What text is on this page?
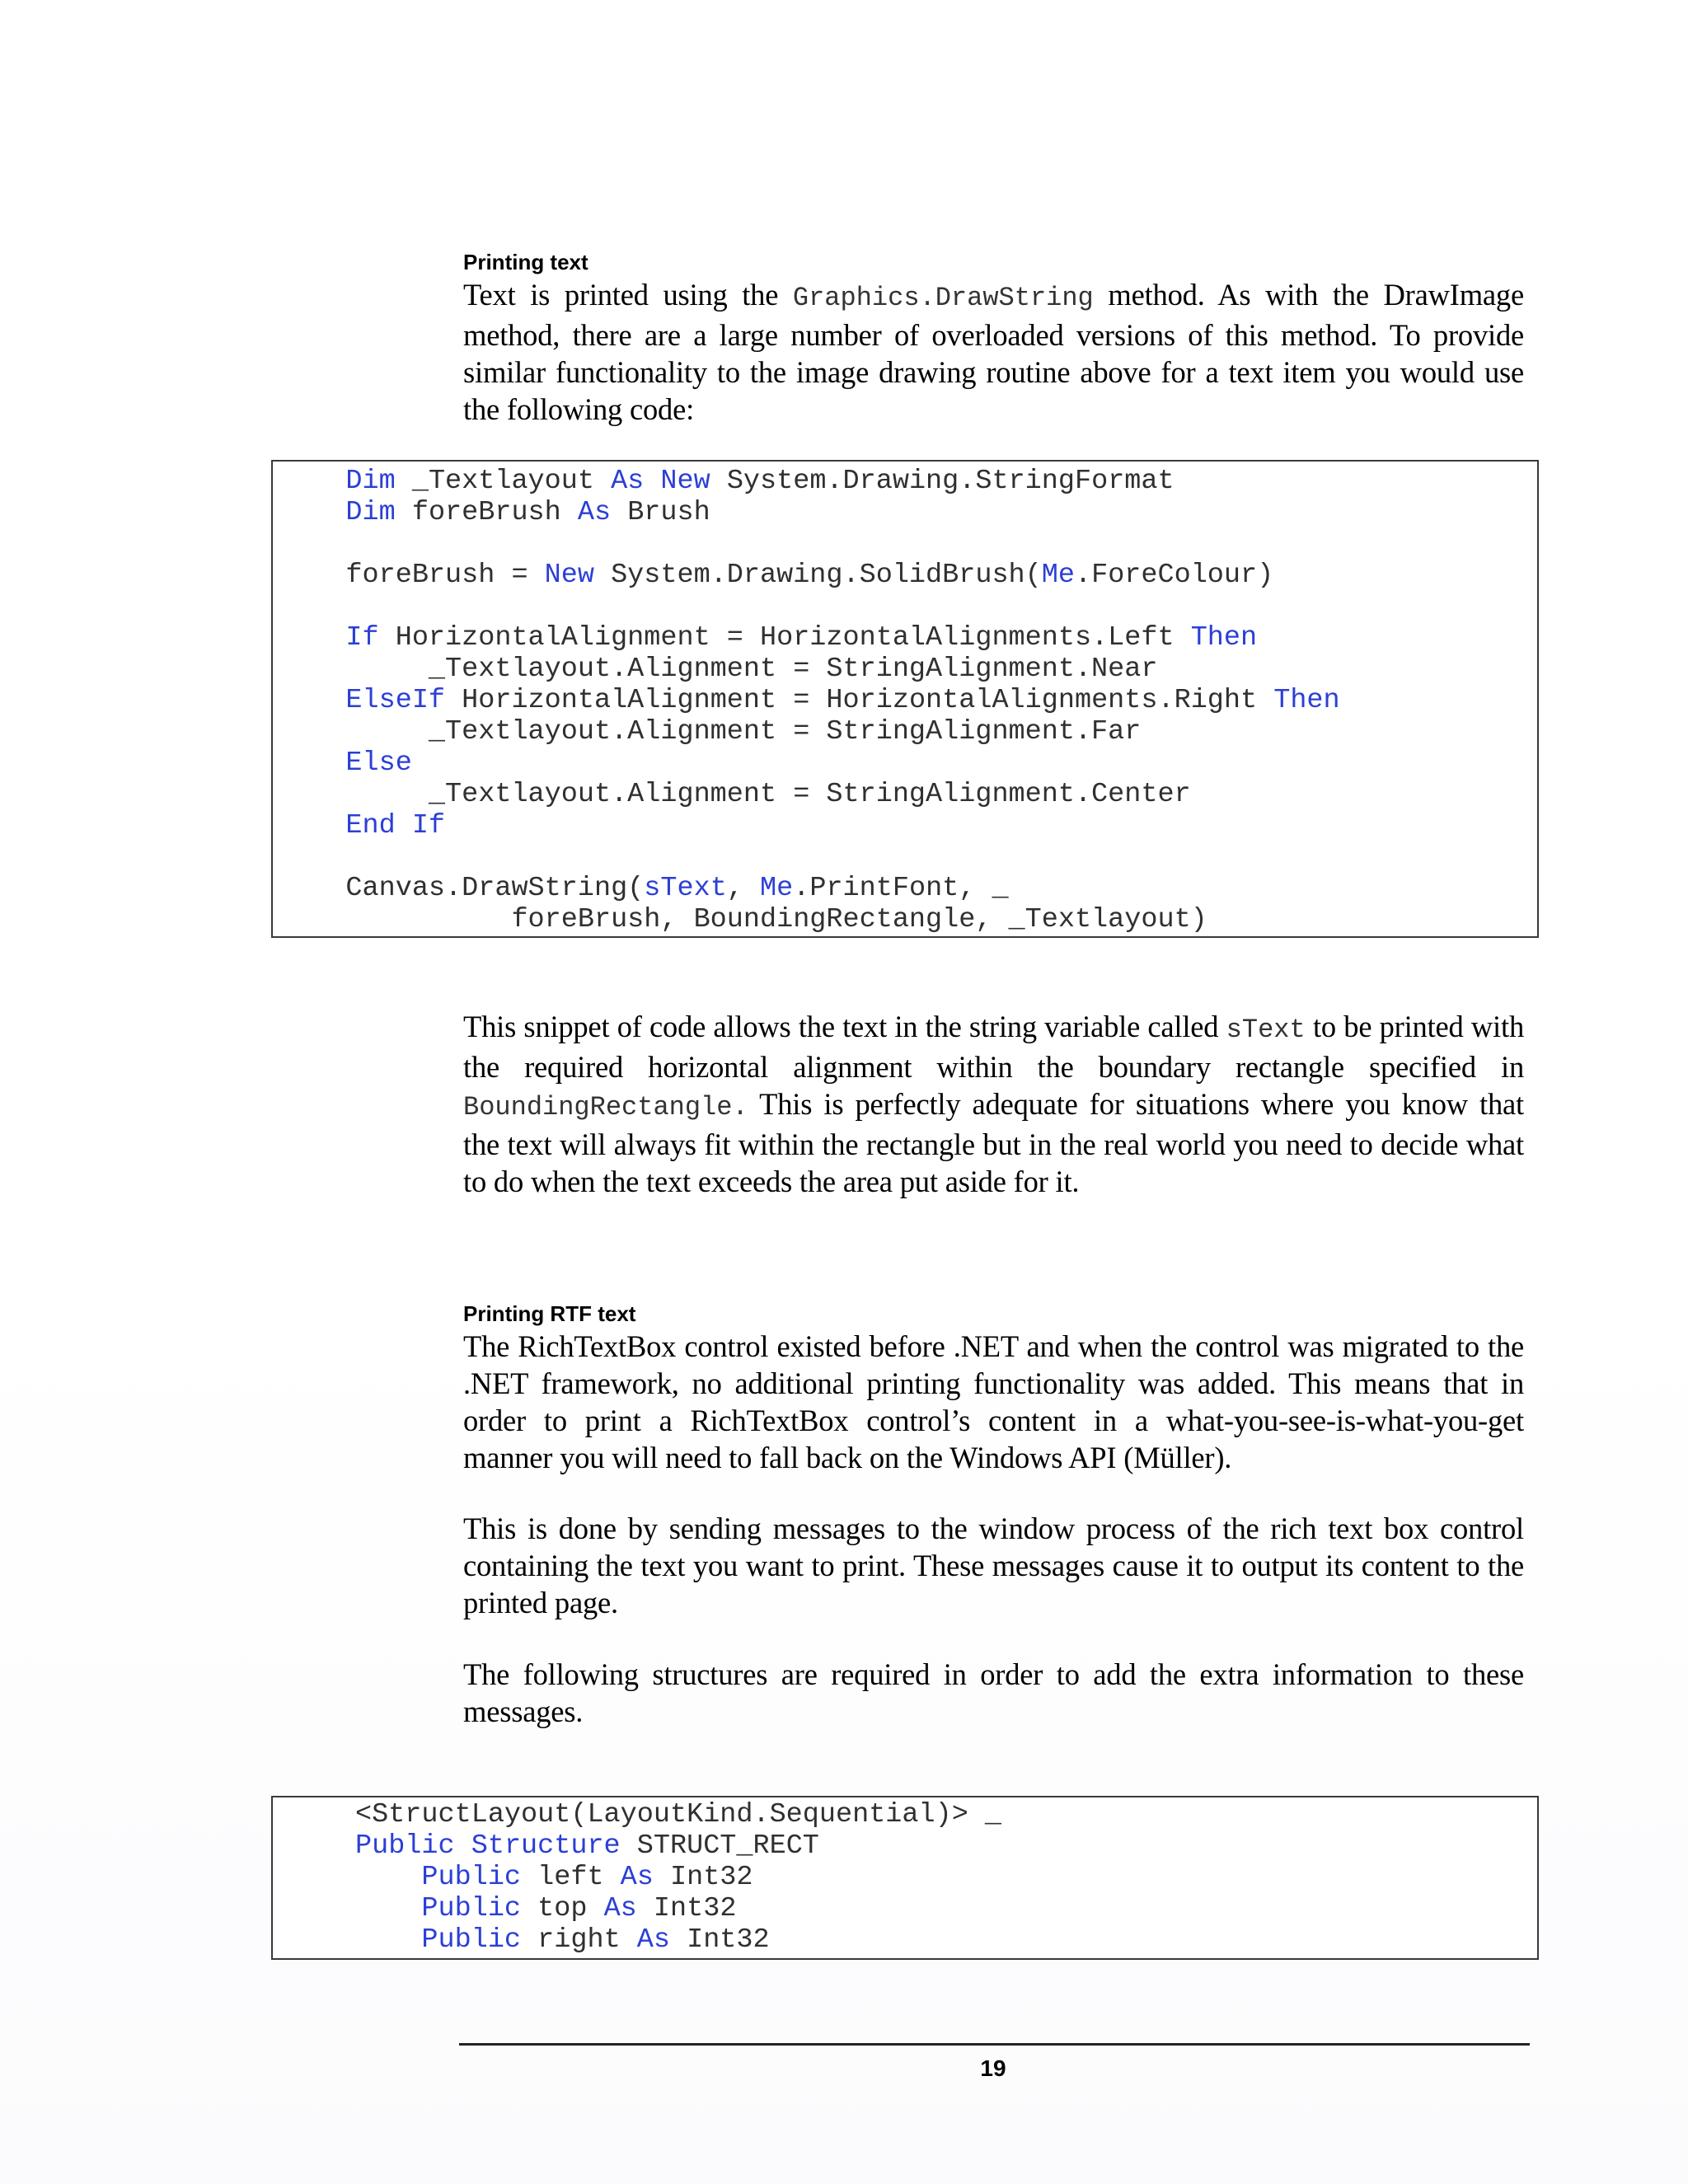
Printing text
Text is printed using the Graphics.DrawString method. As with the DrawImage method, there are a large number of overloaded versions of this method. To provide similar functionality to the image drawing routine above for a text item you would use the following code:
Dim _Textlayout As New System.Drawing.StringFormat
Dim foreBrush As Brush
foreBrush = New System.Drawing.SolidBrush(Me.ForeColour)
If HorizontalAlignment = HorizontalAlignments.Left Then
_Textlayout.Alignment = StringAlignment.Near
ElseIf HorizontalAlignment = HorizontalAlignments.Right Then
_Textlayout.Alignment = StringAlignment.Far
Else
_Textlayout.Alignment = StringAlignment.Center
End If
Canvas.DrawString(sText, Me.PrintFont, _
foreBrush, BoundingRectangle, _Textlayout)
This snippet of code allows the text in the string variable called sText to be printed with the required horizontal alignment within the boundary rectangle specified in BoundingRectangle. This is perfectly adequate for situations where you know that the text will always fit within the rectangle but in the real world you need to decide what to do when the text exceeds the area put aside for it.
Printing RTF text
The RichTextBox control existed before .NET and when the control was migrated to the .NET framework, no additional printing functionality was added. This means that in order to print a RichTextBox control’s content in a what-you-see-is-what-you-get manner you will need to fall back on the Windows API (Müller).
This is done by sending messages to the window process of the rich text box control containing the text you want to print. These messages cause it to output its content to the printed page.
The following structures are required in order to add the extra information to these messages.
<StructLayout(LayoutKind.Sequential)> _
Public Structure STRUCT_RECT
Public left As Int32
Public top As Int32
Public right As Int32
19
